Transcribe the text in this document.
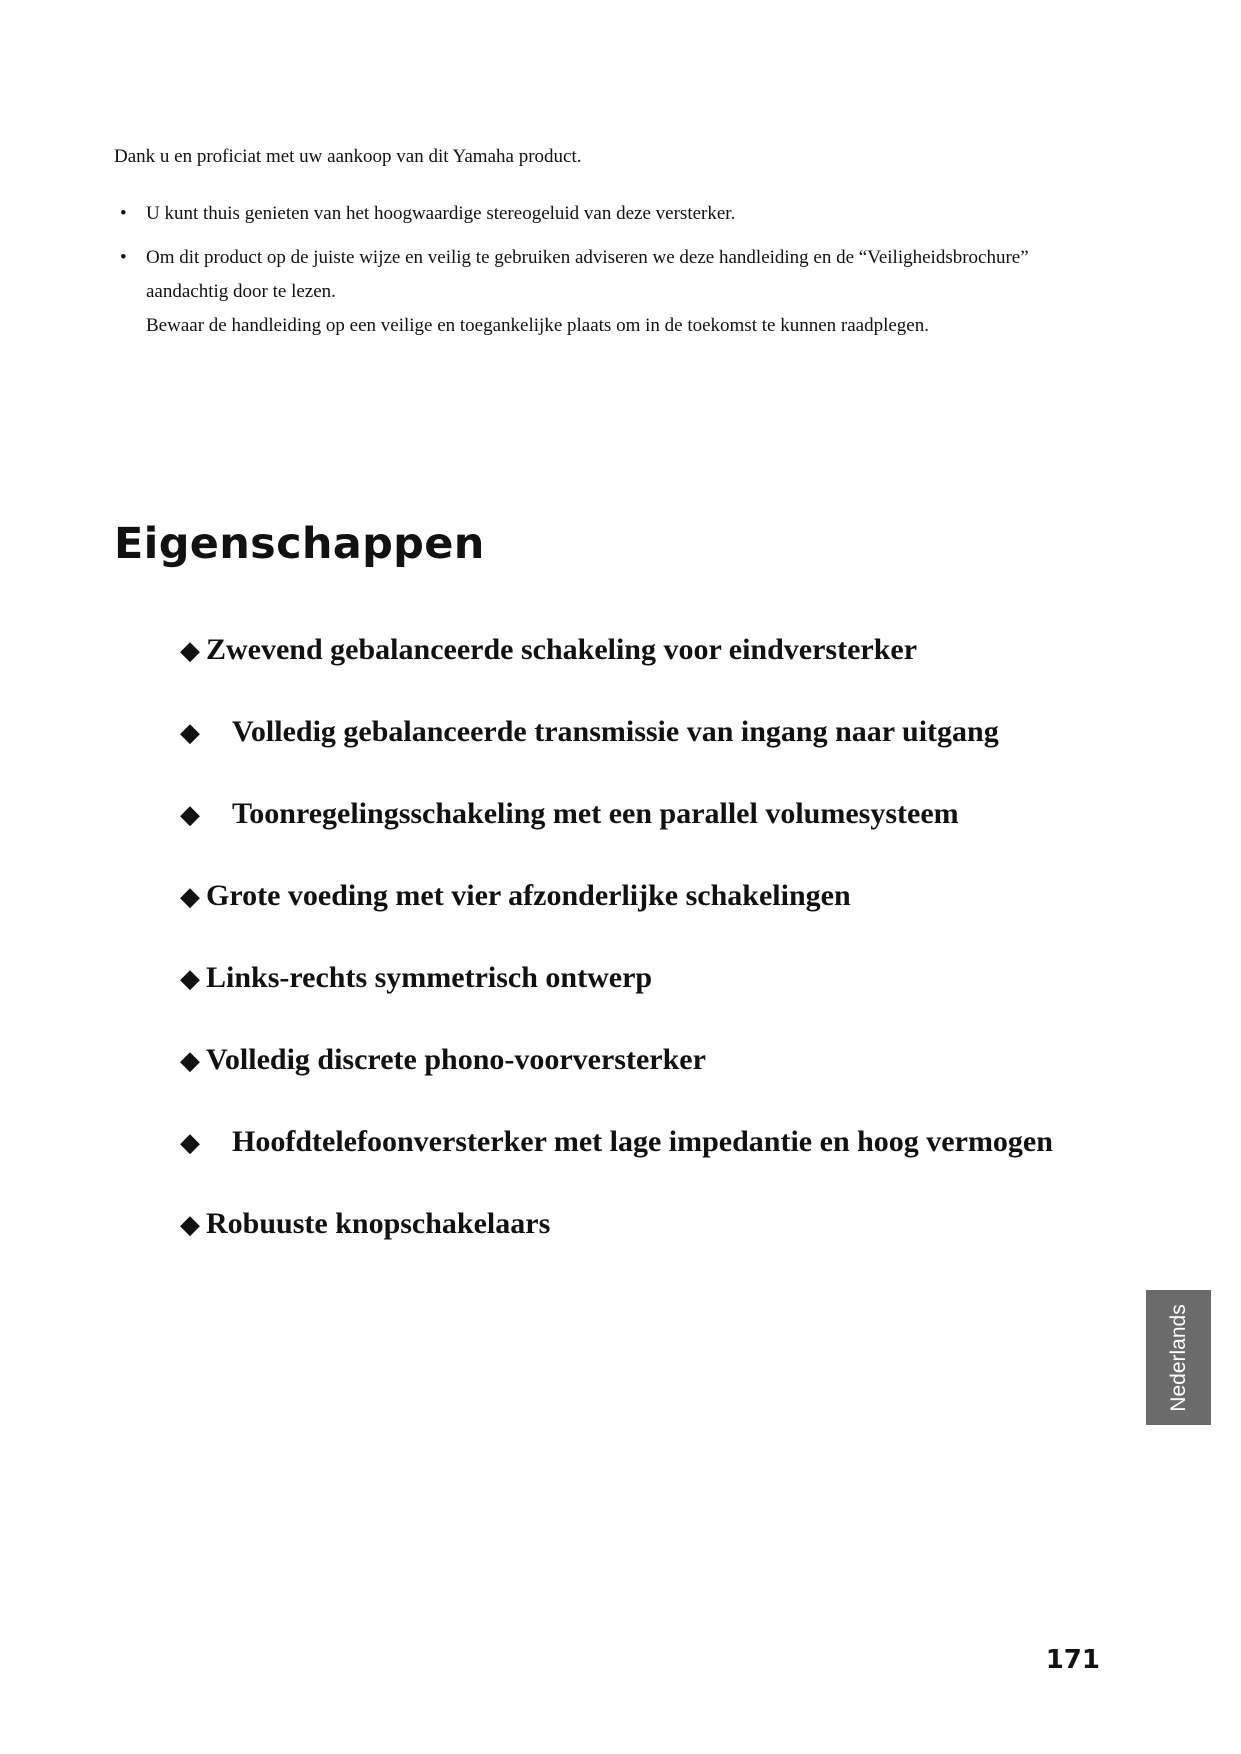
Dank u en proficiat met uw aankoop van dit Yamaha product.

• U kunt thuis genieten van het hoogwaardige stereogeluid van deze versterker.
• Om dit product op de juiste wijze en veilig te gebruiken adviseren we deze handleiding en de “Veiligheidsbrochure”
aandachtig door te lezen.
Bewaar de handleiding op een veilige en toegankelijke plaats om in de toekomst te kunnen raadplegen.
Eigenschappen
◆ Zwevend gebalanceerde schakeling voor eindversterker
◆ Volledig gebalanceerde transmissie van ingang naar uitgang
◆ Toonregelingsschakeling met een parallel volumesysteem
◆ Grote voeding met vier afzonderlijke schakelingen
◆ Links-rechts symmetrisch ontwerp
◆ Volledig discrete phono-voorversterker
◆ Hoofdtelefoonversterker met lage impedantie en hoog vermogen
◆ Robuuste knopschakelaars
Nederlands
171
